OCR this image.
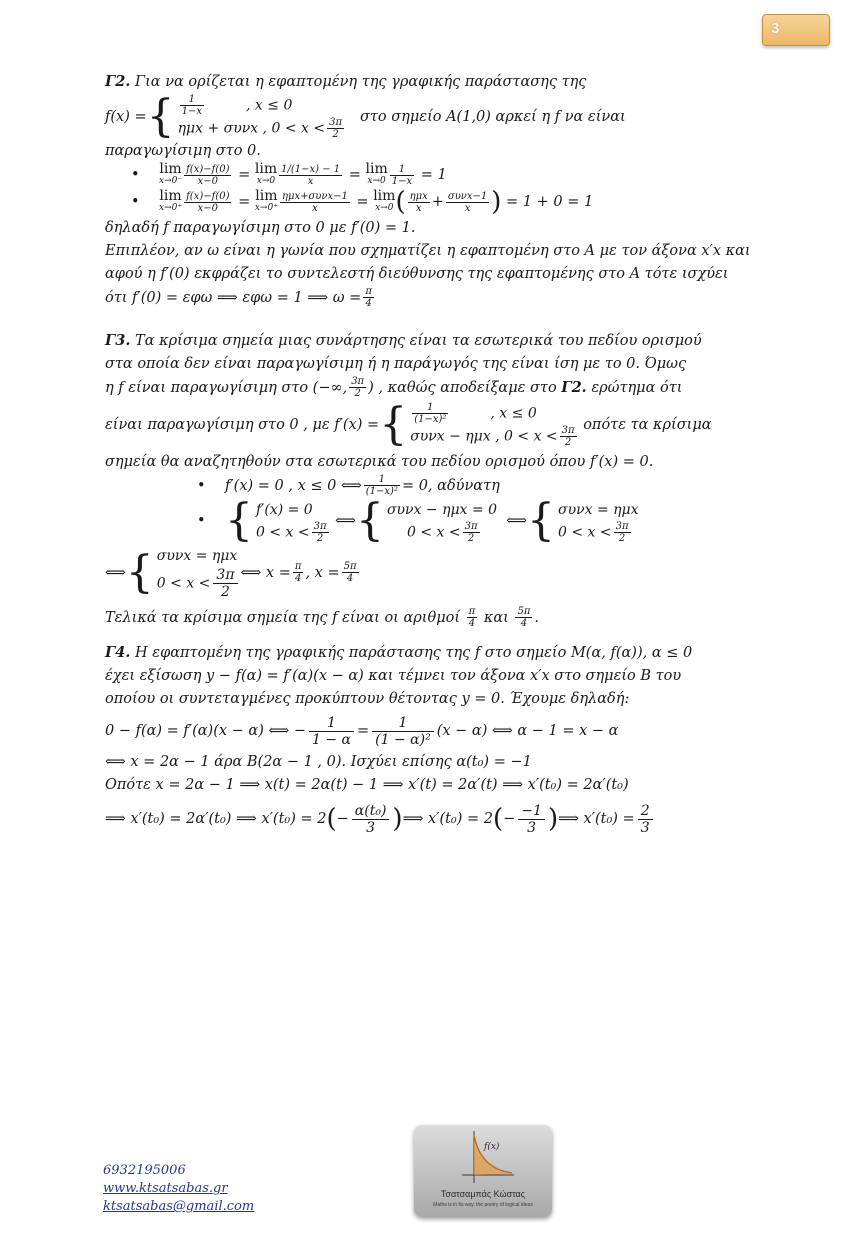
3

Γ2. Για να ορίζεται η εφαπτομένη της γραφικής παράστασης της

f(x) = { $\frac{1}{1-x}$	, x ≤ 0
ημx + συνx , $0 < x < \frac{3\pi}{2}$ στο σημείο A(1,0) αρκεί η f να είναι

παραγωγίσιμη στο 0.

•	lim
$x\to 0^- \frac{f(x)-f(0)}{x-0} = \lim$
$x\to 0 \frac{1/(1-x) - 1}{x} = \lim$
$x\to 0 \frac{1}{1-x}$
= 1
•	lim
$x\to 0^+ \frac{f(x)-f(0)}{x-0} = \lim$
$x\to 0^+ \frac{\text{ημx+συνx−1}}{x} = \lim$
x→0 ( $\frac{\text{ημx}}{x} + \frac{\text{συνx−1}}{x}$ )
= 1 + 0 = 1

δηλαδή f παραγωγίσιμη στο 0 με f′(0) = 1.

Επιπλέον, αν ω είναι η γωνία που σχηματίζει η εφαπτομένη στο A με τον άξονα x′x και

αφού η f′(0) εκφράζει το συντελεστή διεύθυνσης της εφαπτομένης στο A τότε ισχύει

ότι f′(0) = εφω ⟹ εφω = 1 ⟹ $\omega = \frac{\pi}{4}$

Γ3. Τα κρίσιμα σημεία μιας συνάρτησης είναι τα εσωτερικά του πεδίου ορισμού

στα οποία δεν είναι παραγωγίσιμη ή η παράγωγός της είναι ίση με το 0. Όμως

η f είναι παραγωγίσιμη στο (−∞, $\frac{3\pi}{2}$ ) , καθώς αποδείξαμε στο
Γ2.
ερώτημα ότι
είναι παραγωγίσιμη στο 0 , με f′(x) = { $\frac{1}{\text{(1−x)²}}$	, x ≤ 0
συνx − ημx , $0 < x < \frac{3\pi}{2}$
οπότε τα κρίσιμα

σημεία θα αναζητηθούν στα εσωτερικά του πεδίου ορισμού όπου f′(x) = 0.

•	f′(x) = 0 , x ≤ 0 ⟺ $\frac{1}{\text{(1−x)²}} = 0$, αδύνατη
• { f′(x) = 0
$0 < x < \frac{3\pi}{2}$
⟺ { συνx − ημx = 0
$0 < x < \frac{3\pi}{2}$
⟺ { συνx = ημx
$0 < x < \frac{3\pi}{2}$
⟺ { συνx = ημx
$0 < x < \frac{3\pi}{2}$ ⟺ $x = \frac{\pi}{4}$ , $x = \frac{5\pi}{4}$
Τελικά τα κρίσιμα σημεία της f είναι οι αριθμοί
$\frac{\pi}{4}$
και
$\frac{5\pi}{4}$ .

Γ4. Η εφαπτομένη της γραφικής παράστασης της f στο σημείο M(α, f(α)), α ≤ 0

έχει εξίσωση y − f(α) = f′(α)(x − α) και τέμνει τον άξονα x′x στο σημείο B του

οποίου οι συντεταγμένες προκύπτουν θέτοντας y = 0. Έχουμε δηλαδή:

0 − f(α) = f′(α)(x − α) ⟺ − $\frac{1}{1 - \alpha} = \frac{1}{\text{(1 − α)²}} (x - \alpha)$ ⟺ α − 1 = x − α

⟺ x = 2α − 1 άρα B(2α − 1 , 0). Ισχύει επίσης α(t₀) = −1

Οπότε x = 2α − 1 ⟹ x(t) = 2α(t) − 1 ⟹ x′(t) = 2α′(t) ⟹ x′(t₀) = 2α′(t₀)

⟹ x′(t₀) = 2α′(t₀) ⟹ x′(t₀) = 2 ( −
α(t₀)
3 ) ⟹ x′(t₀) = 2 ( −
−1
3 ) ⟹ $x'(t_0) = \frac{2}{3}$
f(x)
Τσατσαμπάς Κώστας
Maths is in its way, the poetry of logical ideas
6932195006
www.ktsatsabas.gr
ktsatsabas@gmail.com
